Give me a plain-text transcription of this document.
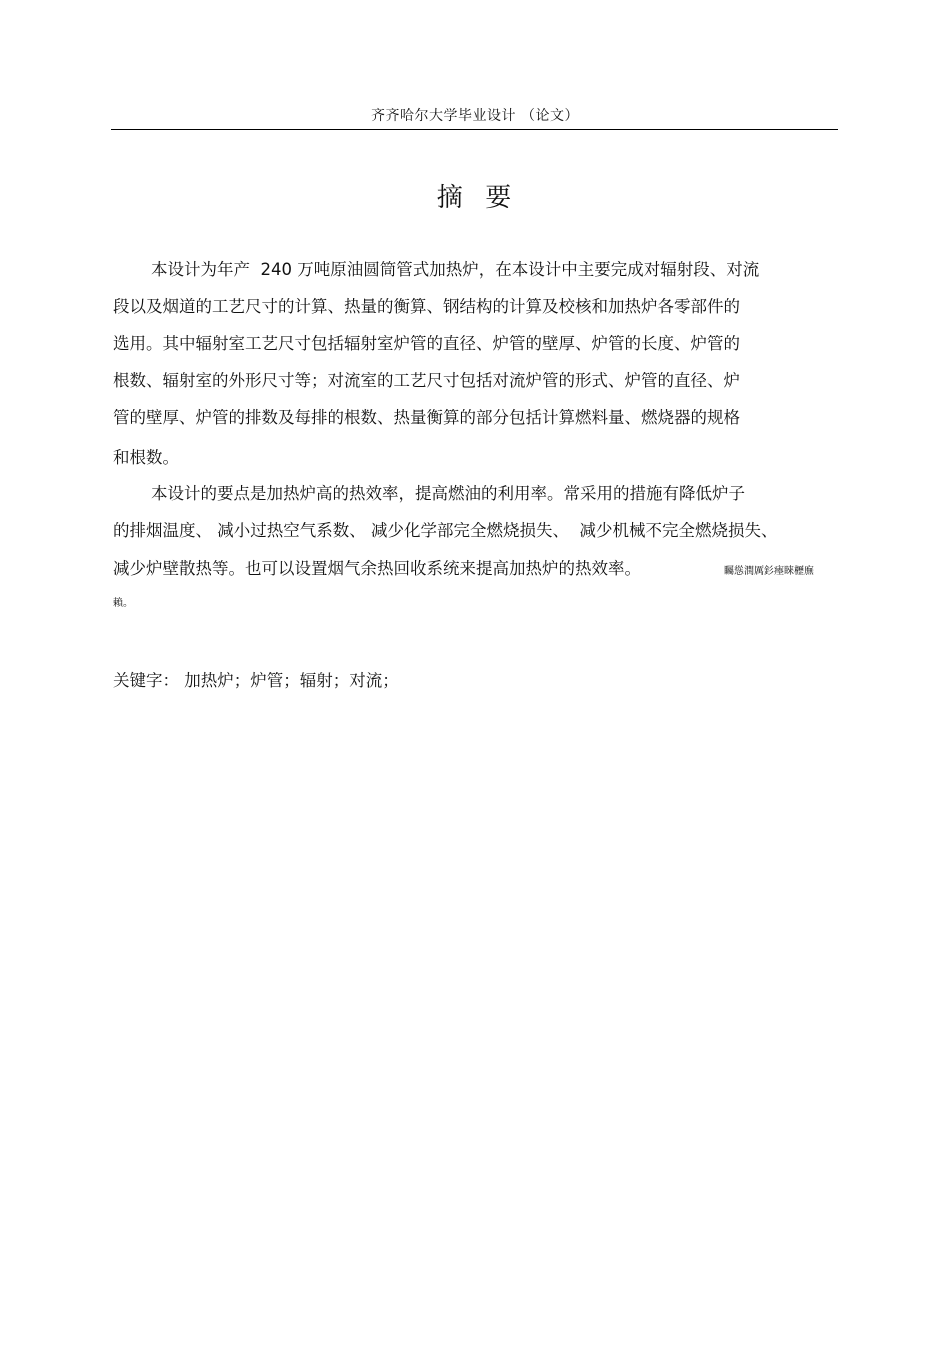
齐齐哈尔大学毕业设计 （论文）
摘  要
本设计为年产  240 万吨原油圆筒管式加热炉，在本设计中主要完成对辐射段、对流
段以及烟道的工艺尺寸的计算、热量的衡算、钢结构的计算及校核和加热炉各零部件的
选用。其中辐射室工艺尺寸包括辐射室炉管的直径、炉管的壁厚、炉管的长度、炉管的
根数、辐射室的外形尺寸等；对流室的工艺尺寸包括对流炉管的形式、炉管的直径、炉
管的壁厚、炉管的排数及每排的根数、热量衡算的部分包括计算燃料量、燃烧器的规格
和根数。
本设计的要点是加热炉高的热效率，提高燃油的利用率。常采用的措施有降低炉子
的排烟温度、 减小过热空气系数、 减少化学部完全燃烧损失、  减少机械不完全燃烧损失、
减少炉壁散热等。也可以设置烟气余热回收系统来提高加热炉的热效率。	矚慫潤厲釤瘞睞櫪廡
賴。
关键字： 加热炉；炉管；辐射；对流；
